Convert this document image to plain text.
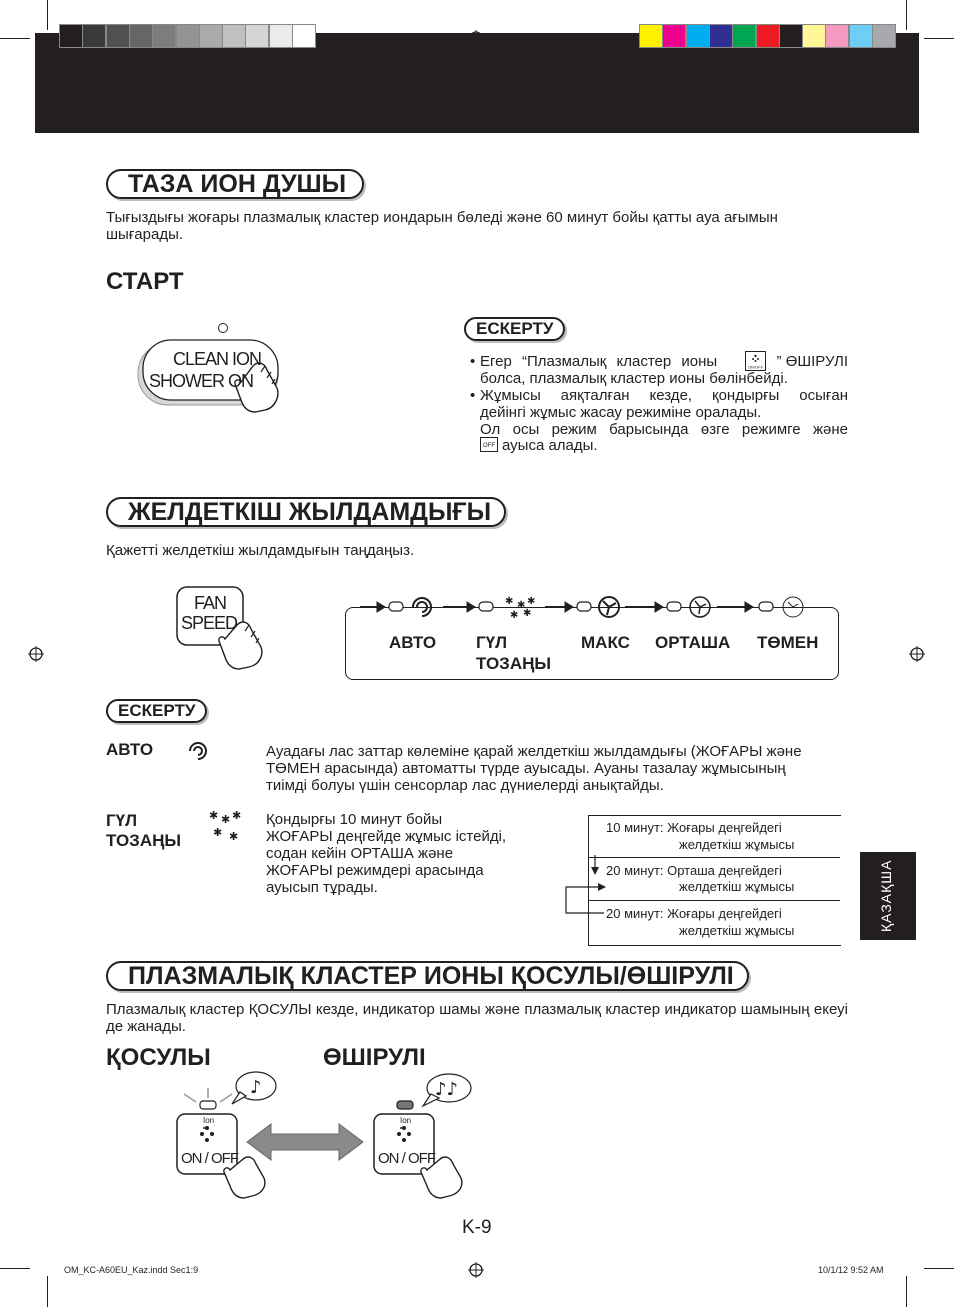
ТАЗА ИОН ДУШЫ
Тығыздығы жоғары плазмалық кластер иондарын бөледі және 60 минут бойы қатты ауа ағымын шығарады.
СТАРТ
CLEAN ION
SHOWER ON
ЕСКЕРТУ
• Егер “Плазмалық кластер ионы	ON/OFF ” ӨШІРУЛІ
болса, плазмалық кластер ионы бөлінбейді.
• Жұмысы аяқталған кезде, қондырғы осыған
дейінгі жұмыс жасау режиміне оралады.
Ол осы режим барысында өзге режимге және
OFF ауыса алады.
ЖЕЛДЕТКІШ ЖЫЛДАМДЫҒЫ
Қажетті желдеткіш жылдамдығын таңдаңыз.
FAN
SPEED
✱ ✱ ✱
✱ ✱
АВТО ГҮЛ
ТОЗАҢЫ
МАКС ОРТАША ТӨМЕН
ЕСКЕРТУ
АВТО	Ауадағы лас заттар көлеміне қарай желдеткіш жылдамдығы (ЖОҒАРЫ және ТӨМЕН арасында) автоматты түрде ауысады. Ауаны тазалау жұмысының тиімді болуы үшін сенсорлар лас дүниелерді анықтайды.
ГҮЛ
ТОЗАҢЫ
✱ ✱ ✱
✱ ✱
Қондырғы 10 минут бойы
ЖОҒАРЫ деңгейде жұмыс істейді,
содан кейін ОРТАША және
ЖОҒАРЫ режимдері арасында
ауысып тұрады.
10 минут: Жоғары деңгейдегі
желдеткіш жұмысы
20 минут: Орташа деңгейдегі
желдеткіш жұмысы
20 минут: Жоғары деңгейдегі
желдеткіш жұмысы
ПЛАЗМАЛЫҚ КЛАСТЕР ИОНЫ ҚОСУЛЫ/ӨШІРУЛІ
Плазмалық кластер ҚОСУЛЫ кезде, индикатор шамы және плазмалық кластер индикатор шамының екеуі де жанады.
ҚОСУЛЫ	ӨШІРУЛІ
♪
Ion
ON / OFF
♪♪
Ion
ON / OFF
ҚАЗАҚША
K-9
OM_KC-A60EU_Kaz.indd Sec1:9	10/1/12 9:52 AM
